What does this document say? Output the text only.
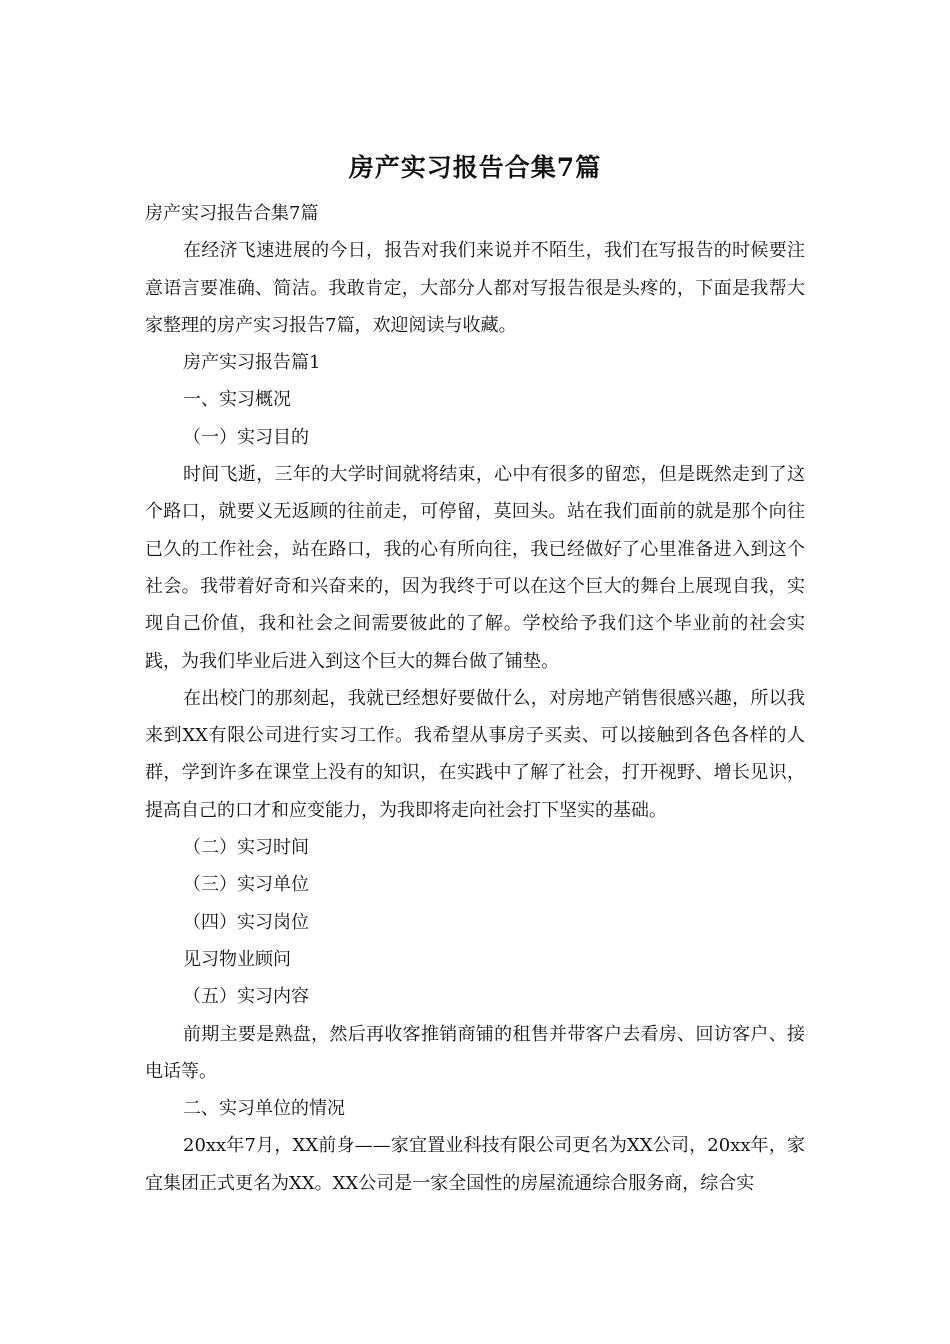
房产实习报告合集7篇

房产实习报告合集7篇

在经济飞速进展的今日，报告对我们来说并不陌生，我们在写报告的时候要注意语言要准确、简洁。我敢肯定，大部分人都对写报告很是头疼的，下面是我帮大家整理的房产实习报告7篇，欢迎阅读与收藏。

房产实习报告篇1

一、实习概况

（一）实习目的

时间飞逝，三年的大学时间就将结束，心中有很多的留恋，但是既然走到了这个路口，就要义无返顾的往前走，可停留，莫回头。站在我们面前的就是那个向往已久的工作社会，站在路口，我的心有所向往，我已经做好了心里准备进入到这个社会。我带着好奇和兴奋来的，因为我终于可以在这个巨大的舞台上展现自我，实现自己价值，我和社会之间需要彼此的了解。学校给予我们这个毕业前的社会实践，为我们毕业后进入到这个巨大的舞台做了铺垫。

在出校门的那刻起，我就已经想好要做什么，对房地产销售很感兴趣，所以我来到XX有限公司进行实习工作。我希望从事房子买卖、可以接触到各色各样的人群，学到许多在课堂上没有的知识，在实践中了解了社会，打开视野、增长见识，提高自己的口才和应变能力，为我即将走向社会打下坚实的基础。

（二）实习时间

（三）实习单位

（四）实习岗位

见习物业顾问

（五）实习内容

前期主要是熟盘，然后再收客推销商铺的租售并带客户去看房、回访客户、接电话等。

二、实习单位的情况

20xx年7月，XX前身——家宜置业科技有限公司更名为XX公司，20xx年，家宜集团正式更名为XX。XX公司是一家全国性的房屋流通综合服务商，综合实
